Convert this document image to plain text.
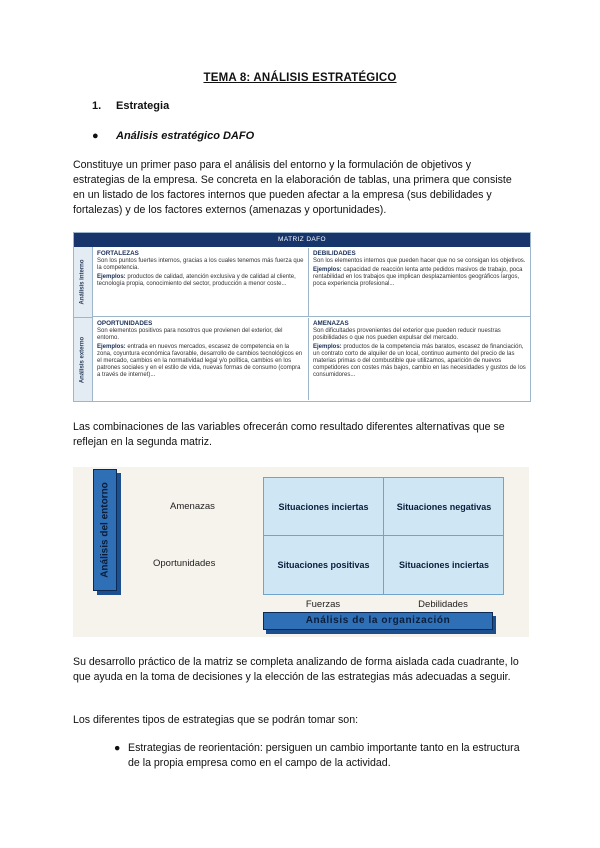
TEMA 8: ANÁLISIS ESTRATÉGICO
1. Estrategia
● Análisis estratégico DAFO
Constituye un primer paso para el análisis del entorno y la formulación de objetivos y estrategias de la empresa. Se concreta en la elaboración de tablas, una primera que consiste en un listado de los factores internos que pueden afectar a la empresa (sus debilidades y fortalezas) y de los factores externos (amenazas y oportunidades).
MATRIZ DAFO
Análisis interno
Análisis externo
FORTALEZAS
Son los puntos fuertes internos, gracias a los cuales tenemos más fuerza que la competencia.
Ejemplos: productos de calidad, atención exclusiva y de calidad al cliente, tecnología propia, conocimiento del sector, producción a menor coste...
DEBILIDADES
Son los elementos internos que pueden hacer que no se consigan los objetivos.
Ejemplos: capacidad de reacción lenta ante pedidos masivos de trabajo, poca rentabilidad en los trabajos que implican desplazamientos geográficos largos, poca experiencia profesional...
OPORTUNIDADES
Son elementos positivos para nosotros que provienen del exterior, del entorno.
Ejemplos: entrada en nuevos mercados, escasez de competencia en la zona, coyuntura económica favorable, desarrollo de cambios tecnológicos en el mercado, cambios en la normatividad legal y/o política, cambios en los patrones sociales y en el estilo de vida, nuevas formas de consumo (compra a través de internet)...
AMENAZAS
Son dificultades provenientes del exterior que pueden reducir nuestras posibilidades o que nos pueden expulsar del mercado.
Ejemplos: productos de la competencia más baratos, escasez de financiación, un contrato corto de alquiler de un local, continuo aumento del precio de las materias primas o del combustible que utilizamos, aparición de nuevos competidores con costes más bajos, cambio en las necesidades y gustos de los consumidores...
Las combinaciones de las variables ofrecerán como resultado diferentes alternativas que se reflejan en la segunda matriz.
Análisis del entorno	Amenazas
Oportunidades
Situaciones inciertas	Situaciones negativas
Situaciones positivas	Situaciones inciertas
Fuerzas	Debilidades
Análisis de la organización
Su desarrollo práctico de la matriz se completa analizando de forma aislada cada cuadrante, lo que ayuda en la toma de decisiones y la elección de las estrategias más adecuadas a seguir.
Los diferentes tipos de estrategias que se podrán tomar son:
● Estrategias de reorientación: persiguen un cambio importante tanto en la estructura de la propia empresa como en el campo de la actividad.
